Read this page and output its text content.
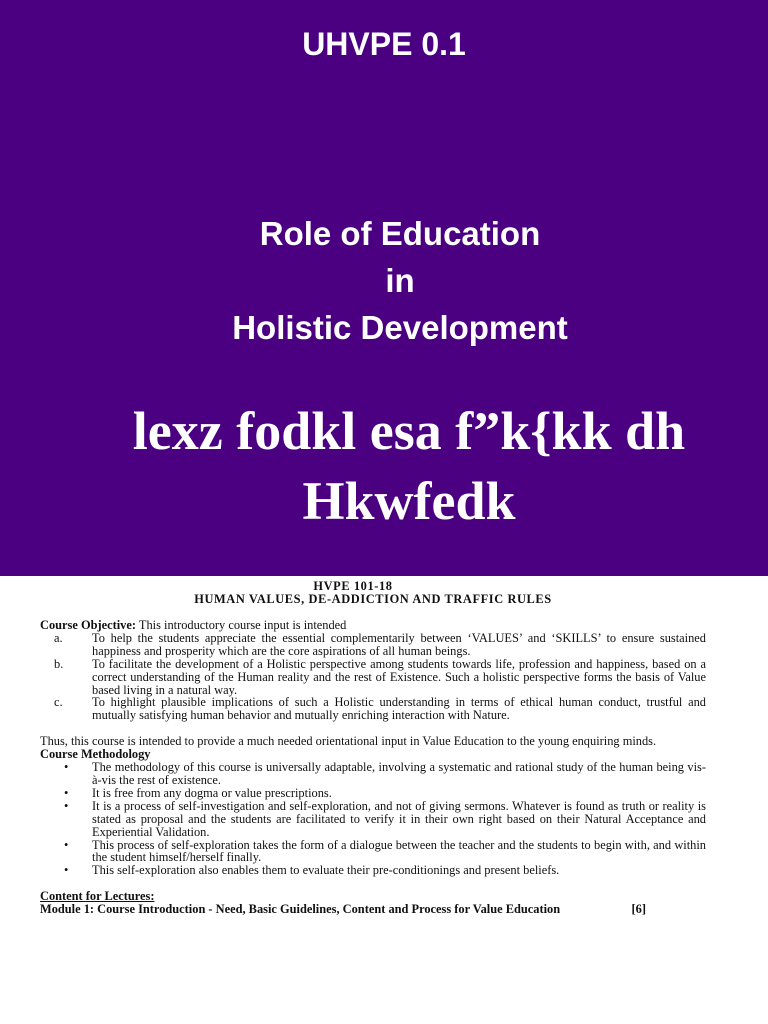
UHVPE 0.1
Role of Education
in
Holistic Development
lexz fodkl esa f”k{kk dh
Hkwfedk
HVPE 101-18
HUMAN VALUES, DE-ADDICTION AND TRAFFIC RULES
Course Objective: This introductory course input is intended
a. To help the students appreciate the essential complementarily between ‘VALUES’ and ‘SKILLS’ to ensure sustained happiness and prosperity which are the core aspirations of all human beings.
b. To facilitate the development of a Holistic perspective among students towards life, profession and happiness, based on a correct understanding of the Human reality and the rest of Existence. Such a holistic perspective forms the basis of Value based living in a natural way.
c. To highlight plausible implications of such a Holistic understanding in terms of ethical human conduct, trustful and mutually satisfying human behavior and mutually enriching interaction with Nature.
Thus, this course is intended to provide a much needed orientational input in Value Education to the young enquiring minds.
Course Methodology
• The methodology of this course is universally adaptable, involving a systematic and rational study of the human being vis-à-vis the rest of existence.
• It is free from any dogma or value prescriptions.
• It is a process of self-investigation and self-exploration, and not of giving sermons. Whatever is found as truth or reality is stated as proposal and the students are facilitated to verify it in their own right based on their Natural Acceptance and Experiential Validation.
• This process of self-exploration takes the form of a dialogue between the teacher and the students to begin with, and within the student himself/herself finally.
• This self-exploration also enables them to evaluate their pre-conditionings and present beliefs.
Content for Lectures:
Module 1: Course Introduction - Need, Basic Guidelines, Content and Process for Value Education	[6]
